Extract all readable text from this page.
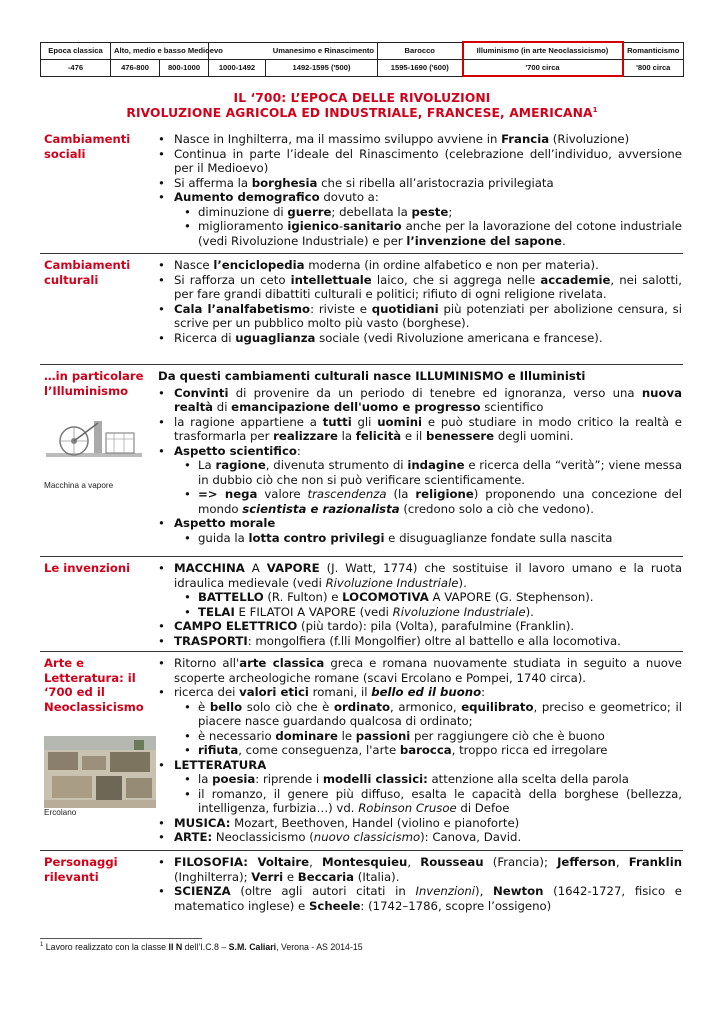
Epoca classica	Alto, medio e basso Medioevo		Umanesimo e Rinascimento		Barocco	Illuminismo (in arte Neoclassicismo)	Romanticismo
-476	476-800	800-1000	1000-1492	1492-1595 ('500)	1595-1690 ('600)	'700 circa	'800 circa
IL ‘700: L’EPOCA DELLE RIVOLUZIONI
RIVOLUZIONE AGRICOLA ED INDUSTRIALE, FRANCESE, AMERICANA$^1$
Cambiamenti sociali
• Nasce in Inghilterra, ma il massimo sviluppo avviene in Francia (Rivoluzione)
• Continua in parte l’ideale del Rinascimento (celebrazione dell’individuo, avversione per il Medioevo)
• Si afferma la borghesia che si ribella all’aristocrazia privilegiata
• Aumento demografico dovuto a:
• diminuzione di guerre; debellata la peste;
• miglioramento igienico-sanitario anche per la lavorazione del cotone industriale (vedi Rivoluzione Industriale) e per l’invenzione del sapone.
Cambiamenti culturali
• Nasce l’enciclopedia moderna (in ordine alfabetico e non per materia).
• Si rafforza un ceto intellettuale laico, che si aggrega nelle accademie, nei salotti, per fare grandi dibattiti culturali e politici; rifiuto di ogni religione rivelata.
• Cala l’analfabetismo: riviste e quotidiani più potenziati per abolizione censura, si scrive per un pubblico molto più vasto (borghese).
• Ricerca di uguaglianza sociale (vedi Rivoluzione americana e francese).
…in particolare l’Illuminismo
Macchina a vapore
Da questi cambiamenti culturali nasce ILLUMINISMO e Illuministi
• Convinti di provenire da un periodo di tenebre ed ignoranza, verso una nuova realtà di emancipazione dell'uomo e progresso scientifico
• la ragione appartiene a tutti gli uomini e può studiare in modo critico la realtà e trasformarla per realizzare la felicità e il benessere degli uomini.
• Aspetto scientifico:
• La ragione, divenuta strumento di indagine e ricerca della “verità”; viene messa in dubbio ciò che non si può verificare scientificamente.
• => nega valore trascendenza (la religione) proponendo una concezione del mondo scientista e razionalista (credono solo a ciò che vedono).
• Aspetto morale
• guida la lotta contro privilegi e disuguaglianze fondate sulla nascita
Le invenzioni	• MACCHINA A VAPORE (J. Watt, 1774) che sostituise il lavoro umano e la ruota idraulica medievale (vedi Rivoluzione Industriale).
• BATTELLO (R. Fulton) e LOCOMOTIVA A VAPORE (G. Stephenson).
• TELAI E FILATOI A VAPORE (vedi Rivoluzione Industriale).
• CAMPO ELETTRICO (più tardo): pila (Volta), parafulmine (Franklin).
• TRASPORTI: mongolfiera (f.lli Mongolfier) oltre al battello e alla locomotiva.
Arte e Letteratura: il ‘700 ed il Neoclassicismo
Ercolano
• Ritorno all'arte classica greca e romana nuovamente studiata in seguito a nuove scoperte archeologiche romane (scavi Ercolano e Pompei, 1740 circa).
• ricerca dei valori etici romani, il bello ed il buono:
• è bello solo ciò che è ordinato, armonico, equilibrato, preciso e geometrico; il piacere nasce guardando qualcosa di ordinato;
• è necessario dominare le passioni per raggiungere ciò che è buono
• rifiuta, come conseguenza, l'arte barocca, troppo ricca ed irregolare
• LETTERATURA
• la poesia: riprende i modelli classici: attenzione alla scelta della parola
• il romanzo, il genere più diffuso, esalta le capacità della borghese (bellezza, intelligenza, furbizia…) vd. Robinson Crusoe di Defoe
• MUSICA: Mozart, Beethoven, Handel (violino e pianoforte)
• ARTE: Neoclassicismo (nuovo classicismo): Canova, David.
Personaggi rilevanti
• FILOSOFIA: Voltaire, Montesquieu, Rousseau (Francia); Jefferson, Franklin (Inghilterra); Verri e Beccaria (Italia).
• SCIENZA (oltre agli autori citati in Invenzioni), Newton (1642-1727, fisico e matematico inglese) e Scheele: (1742–1786, scopre l’ossigeno)
$^1$ Lavoro realizzato con la classe II N dell’I.C.8 – S.M. Caliari, Verona - AS 2014-15
